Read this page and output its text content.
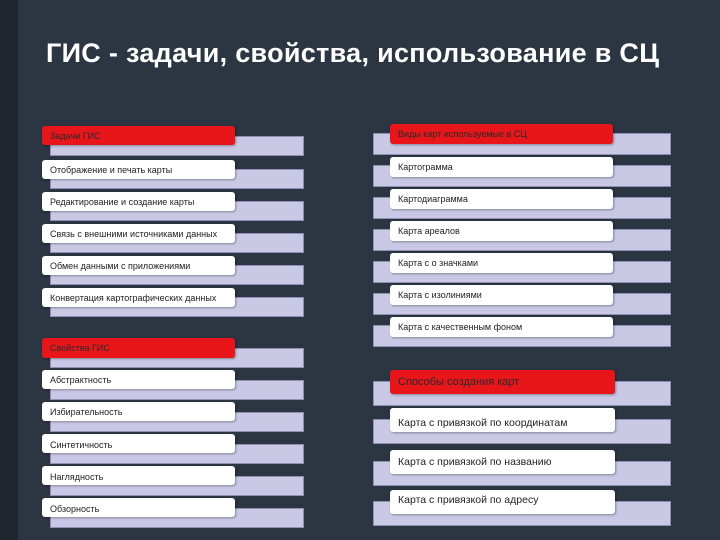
ГИС - задачи, свойства, использование в СЦ
Задачи ГИС
Отображение и печать карты
Редактирование и создание карты
Связь с внешними источниками данных
Обмен данными с приложениями
Конвертация картографических данных
Виды карт используемые в СЦ
Картограмма
Картодиаграмма
Карта ареалов
Карта с о значками
Карта с изолиниями
Карта с качественным фоном
Свойства ГИС
Абстрактность
Избирательность
Синтетичность
Наглядность
Обзорность
Способы создания карт
Карта с привязкой по координатам
Карта с привязкой по названию
Карта с привязкой по адресу
